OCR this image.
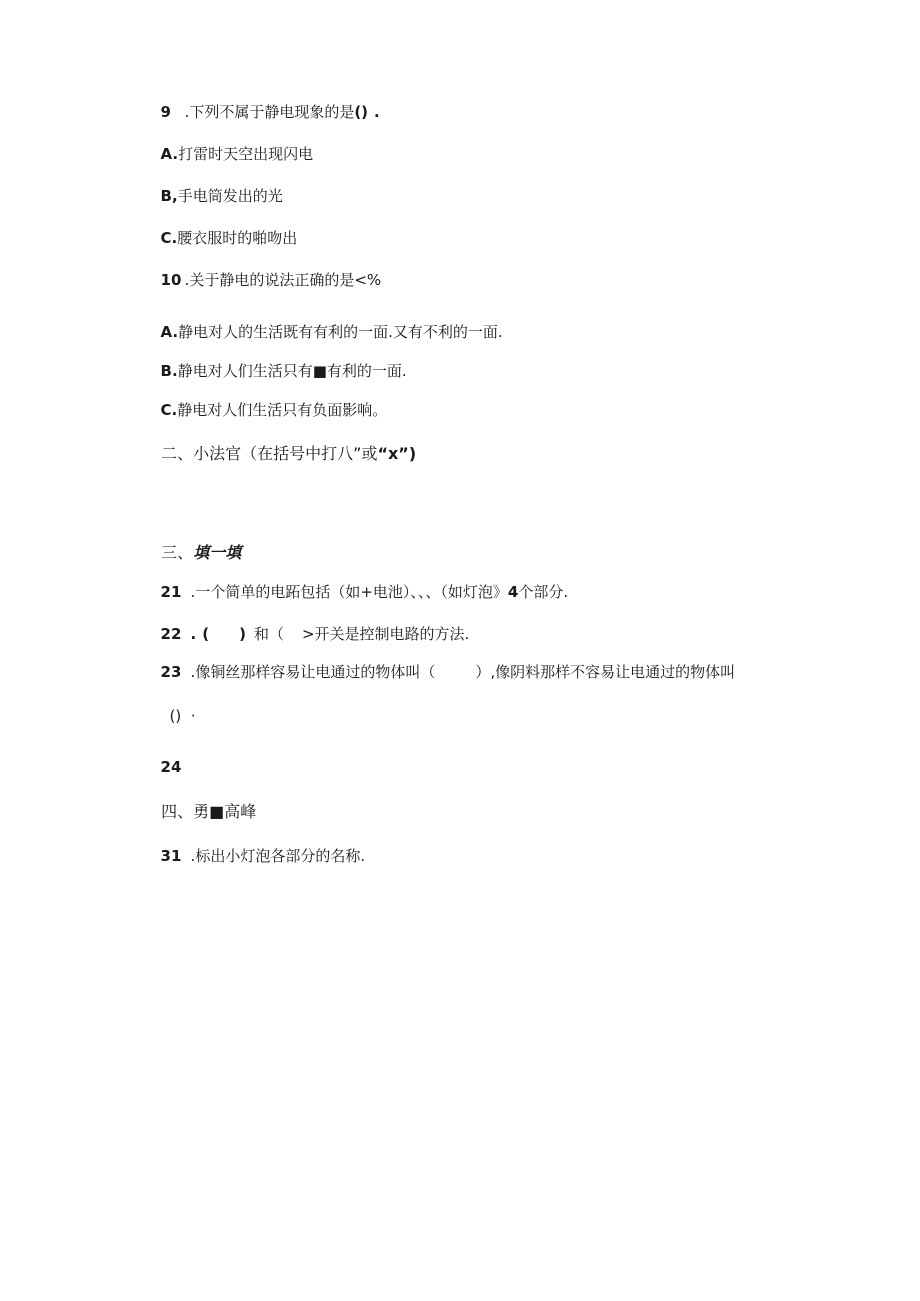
9 .下列不属于静电现象的是() .

A.打雷时天空出现闪电

B,手电筒发出的光

C.腰衣服时的啪吻出

10 .关于静电的说法正确的是<%

A.静电对人的生活既有有利的一面.又有不利的一面.

B.静电对人们生活只有■有利的一面.

C.静电对人们生活只有负面影响。

二、小法官（在括号中打八”或“x”)

三、填一填

21 .一个简单的电跖包括（如+电池）、、、（如灯泡》4个部分.

22 . ( ) 和（ >开关是控制电路的方法.

23 .像铜丝那样容易让电通过的物体叫（	）,像阴料那样不容易让电通过的物体叫

()  ·

24

四、勇■高峰

31 .标出小灯泡各部分的名称.
